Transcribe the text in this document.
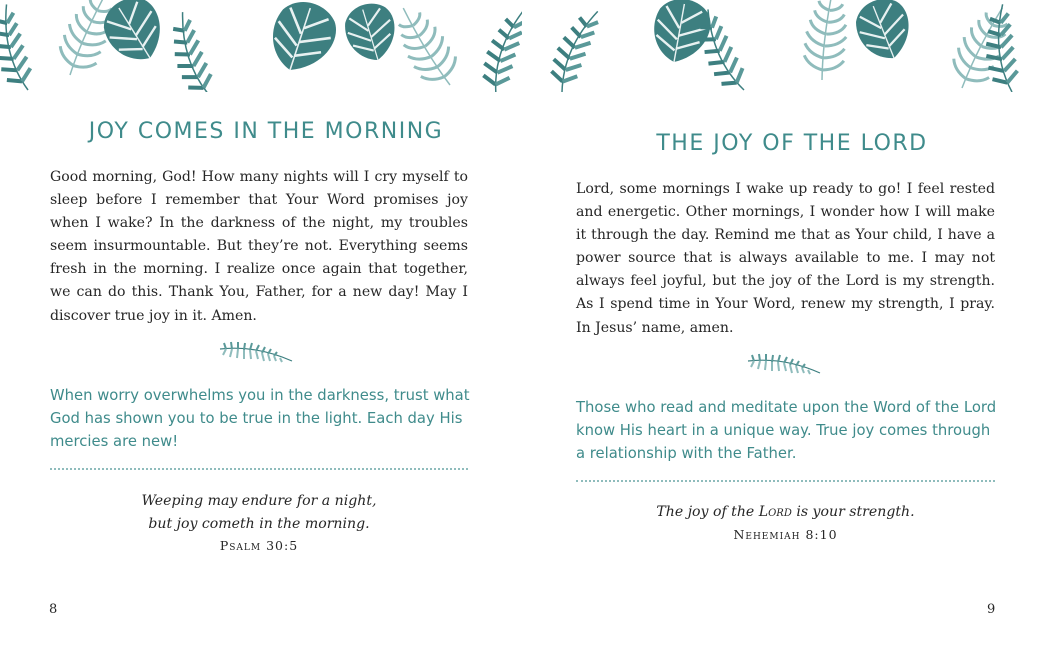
JOY COMES IN THE MORNING
Good morning, God! How many nights will I cry myself to sleep before I remember that Your Word promises joy when I wake? In the darkness of the night, my troubles seem insurmountable. But they’re not. Everything seems fresh in the morning. I realize once again that together, we can do this. Thank You, Father, for a new day! May I discover true joy in it. Amen.
When worry overwhelms you in the darkness, trust what God has shown you to be true in the light. Each day His mercies are new!
Weeping may endure for a night,
but joy cometh in the morning.
Psalm 30:5
8
THE JOY OF THE LORD
Lord, some mornings I wake up ready to go! I feel rested and energetic. Other mornings, I wonder how I will make it through the day. Remind me that as Your child, I have a power source that is always available to me. I may not always feel joyful, but the joy of the Lord is my strength. As I spend time in Your Word, renew my strength, I pray. In Jesus’ name, amen.
Those who read and meditate upon the Word of the Lord know His heart in a unique way. True joy comes through a relationship with the Father.
The joy of the Lord is your strength.
Nehemiah 8:10
9
